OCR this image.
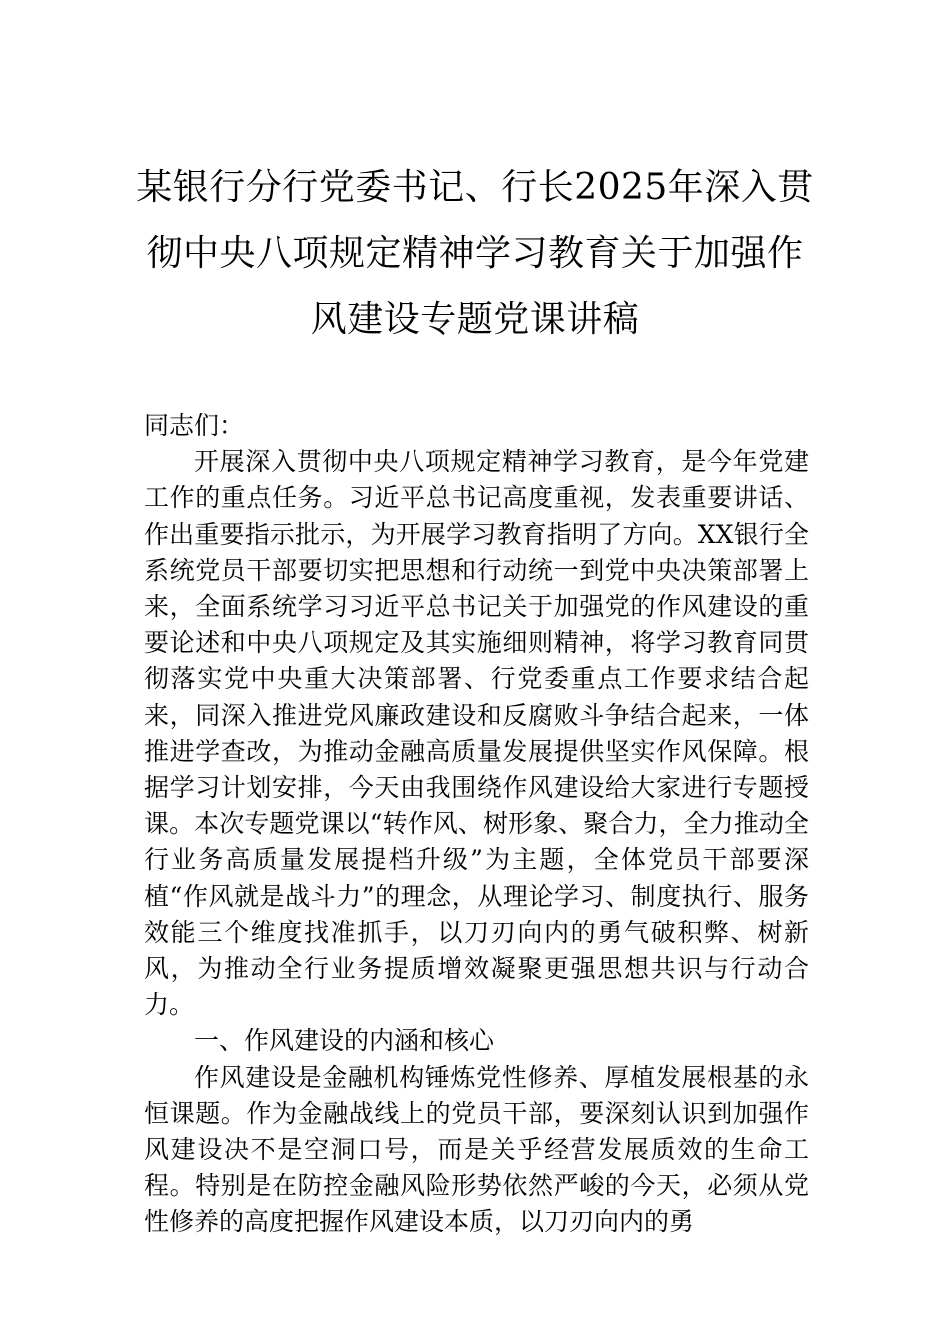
某银行分行党委书记、行长2025年深入贯彻中央八项规定精神学习教育关于加强作风建设专题党课讲稿

同志们：

开展深入贯彻中央八项规定精神学习教育，是今年党建工作的重点任务。习近平总书记高度重视，发表重要讲话、作出重要指示批示，为开展学习教育指明了方向。XX银行全系统党员干部要切实把思想和行动统一到党中央决策部署上来，全面系统学习习近平总书记关于加强党的作风建设的重要论述和中央八项规定及其实施细则精神，将学习教育同贯彻落实党中央重大决策部署、行党委重点工作要求结合起来，同深入推进党风廉政建设和反腐败斗争结合起来，一体推进学查改，为推动金融高质量发展提供坚实作风保障。根据学习计划安排，今天由我围绕作风建设给大家进行专题授课。本次专题党课以“转作风、树形象、聚合力，全力推动全行业务高质量发展提档升级”为主题，全体党员干部要深植“作风就是战斗力”的理念，从理论学习、制度执行、服务效能三个维度找准抓手，以刀刃向内的勇气破积弊、树新风，为推动全行业务提质增效凝聚更强思想共识与行动合力。

一、作风建设的内涵和核心

作风建设是金融机构锤炼党性修养、厚植发展根基的永恒课题。作为金融战线上的党员干部，要深刻认识到加强作风建设决不是空洞口号，而是关乎经营发展质效的生命工程。特别是在防控金融风险形势依然严峻的今天，必须从党性修养的高度把握作风建设本质，以刀刃向内的勇
